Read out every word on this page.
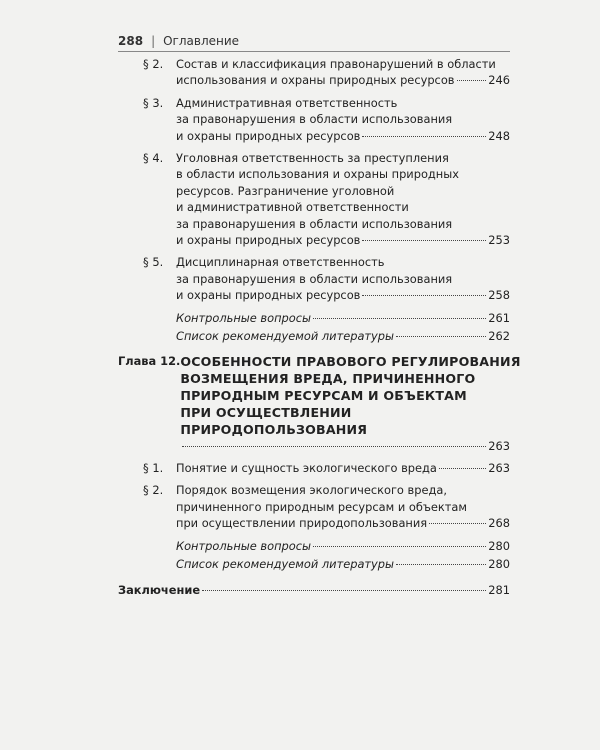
288 | Оглавление
§ 2.	Состав и классификация правонарушений в области
использования и охраны природных ресурсов	246
§ 3.	Административная ответственность
за правонарушения в области использования
и охраны природных ресурсов	248
§ 4.	Уголовная ответственность за преступления
в области использования и охраны природных
ресурсов. Разграничение уголовной
и административной ответственности
за правонарушения в области использования
и охраны природных ресурсов	253
§ 5.	Дисциплинарная ответственность
за правонарушения в области использования
и охраны природных ресурсов	258
Контрольные вопросы	261
Список рекомендуемой литературы	262
Глава 12. ОСОБЕННОСТИ ПРАВОВОГО РЕГУЛИРОВАНИЯ
ВОЗМЕЩЕНИЯ ВРЕДА, ПРИЧИНЕННОГО
ПРИРОДНЫМ РЕСУРСАМ И ОБЪЕКТАМ
ПРИ ОСУЩЕСТВЛЕНИИ
ПРИРОДОПОЛЬЗОВАНИЯ
263
§ 1.	Понятие и сущность экологического вреда	263
§ 2.	Порядок возмещения экологического вреда,
причиненного природным ресурсам и объектам
при осуществлении природопользования	268
Контрольные вопросы	280
Список рекомендуемой литературы	280
Заключение	281
